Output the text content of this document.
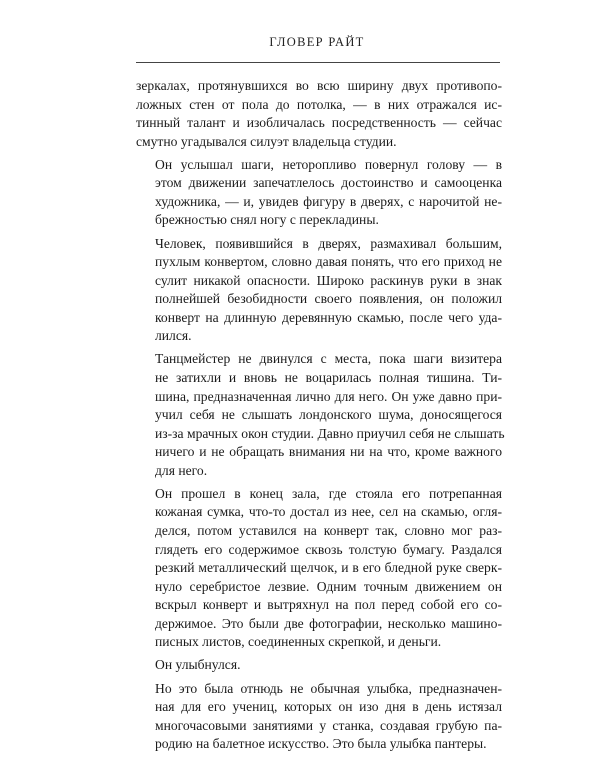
ГЛОВЕР РАЙТ

зеркалах, протянувшихся во всю ширину двух противопо-
ложных стен от пола до потолка, — в них отражался ис-
тинный талант и изобличалась посредственность — сейчас
смутно угадывался силуэт владельца студии.

Он услышал шаги, неторопливо повернул голову — в
этом движении запечатлелось достоинство и самооценка
художника, — и, увидев фигуру в дверях, с нарочитой не-
брежностью снял ногу с перекладины.

Человек, появившийся в дверях, размахивал большим,
пухлым конвертом, словно давая понять, что его приход не
сулит никакой опасности. Широко раскинув руки в знак
полнейшей безобидности своего появления, он положил
конверт на длинную деревянную скамью, после чего уда-
лился.

Танцмейстер не двинулся с места, пока шаги визитера
не затихли и вновь не воцарилась полная тишина. Ти-
шина, предназначенная лично для него. Он уже давно при-
учил себя не слышать лондонского шума, доносящегося
из-за мрачных окон студии. Давно приучил себя не слышать
ничего и не обращать внимания ни на что, кроме важного
для него.

Он прошел в конец зала, где стояла его потрепанная
кожаная сумка, что-то достал из нее, сел на скамью, огля-
делся, потом уставился на конверт так, словно мог раз-
глядеть его содержимое сквозь толстую бумагу. Раздался
резкий металлический щелчок, и в его бледной руке сверк-
нуло серебристое лезвие. Одним точным движением он
вскрыл конверт и вытряхнул на пол перед собой его со-
держимое. Это были две фотографии, несколько машино-
писных листов, соединенных скрепкой, и деньги.

Он улыбнулся.

Но это была отнюдь не обычная улыбка, предназначен-
ная для его учениц, которых он изо дня в день истязал
многочасовыми занятиями у станка, создавая грубую па-
родию на балетное искусство. Это была улыбка пантеры.
